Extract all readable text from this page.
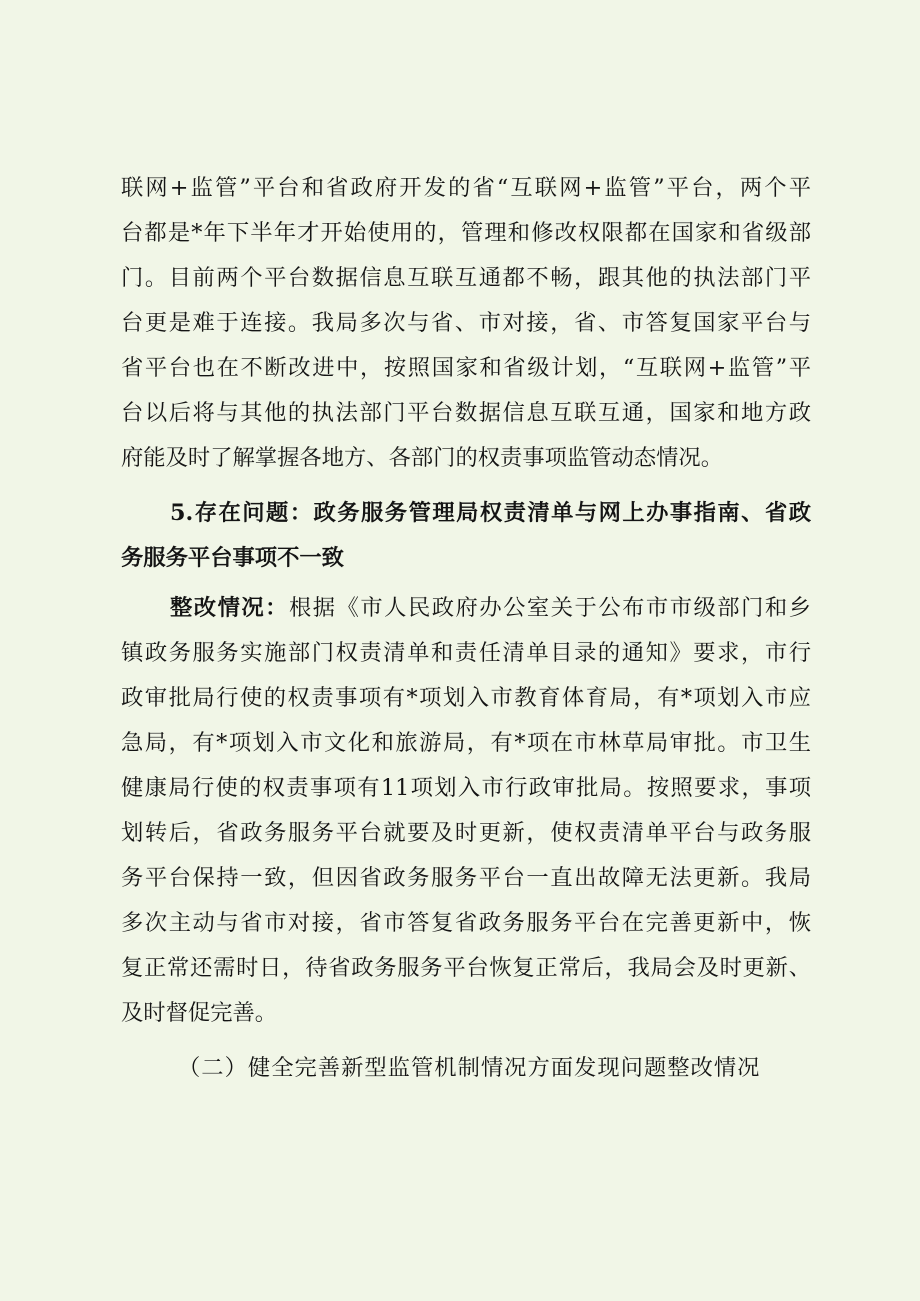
联网+监管”平台和省政府开发的省“互联网+监管”平台，两个平
台都是*年下半年才开始使用的，管理和修改权限都在国家和省级部
门。目前两个平台数据信息互联互通都不畅，跟其他的执法部门平
台更是难于连接。我局多次与省、市对接，省、市答复国家平台与
省平台也在不断改进中，按照国家和省级计划，“互联网+监管”平
台以后将与其他的执法部门平台数据信息互联互通，国家和地方政
府能及时了解掌握各地方、各部门的权责事项监管动态情况。
5.存在问题：政务服务管理局权责清单与网上办事指南、省政
务服务平台事项不一致
整改情况：根据《市人民政府办公室关于公布市市级部门和乡
镇政务服务实施部门权责清单和责任清单目录的通知》要求，市行
政审批局行使的权责事项有*项划入市教育体育局，有*项划入市应
急局，有*项划入市文化和旅游局，有*项在市林草局审批。市卫生
健康局行使的权责事项有11项划入市行政审批局。按照要求，事项
划转后，省政务服务平台就要及时更新，使权责清单平台与政务服
务平台保持一致，但因省政务服务平台一直出故障无法更新。我局
多次主动与省市对接，省市答复省政务服务平台在完善更新中，恢
复正常还需时日，待省政务服务平台恢复正常后，我局会及时更新、
及时督促完善。
（二）健全完善新型监管机制情况方面发现问题整改情况
